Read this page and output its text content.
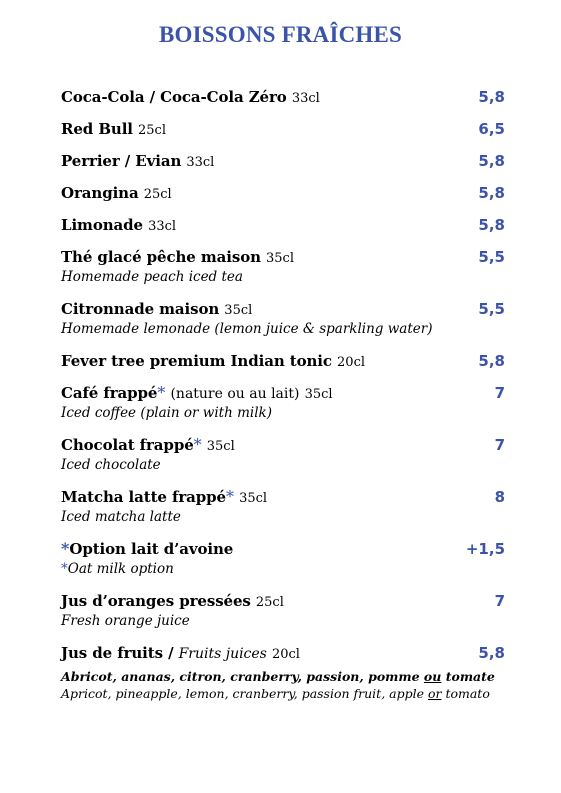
BOISSONS FRAÎCHES
Coca-Cola / Coca-Cola Zéro 33cl	5,8
Red Bull 25cl	6,5
Perrier / Evian 33cl	5,8
Orangina 25cl	5,8
Limonade 33cl	5,8
Thé glacé pêche maison 35cl	5,5
Homemade peach iced tea
Citronnade maison 35cl	5,5
Homemade lemonade (lemon juice & sparkling water)
Fever tree premium Indian tonic 20cl	5,8
Café frappé* (nature ou au lait) 35cl	7
Iced coffee (plain or with milk)
Chocolat frappé* 35cl	7
Iced chocolate
Matcha latte frappé* 35cl	8
Iced matcha latte
*Option lait d’avoine	+1,5
*Oat milk option
Jus d’oranges pressées 25cl	7
Fresh orange juice
Jus de fruits / Fruits juices 20cl	5,8
Abricot, ananas, citron, cranberry, passion, pomme ou tomate
Apricot, pineapple, lemon, cranberry, passion fruit, apple or tomato
